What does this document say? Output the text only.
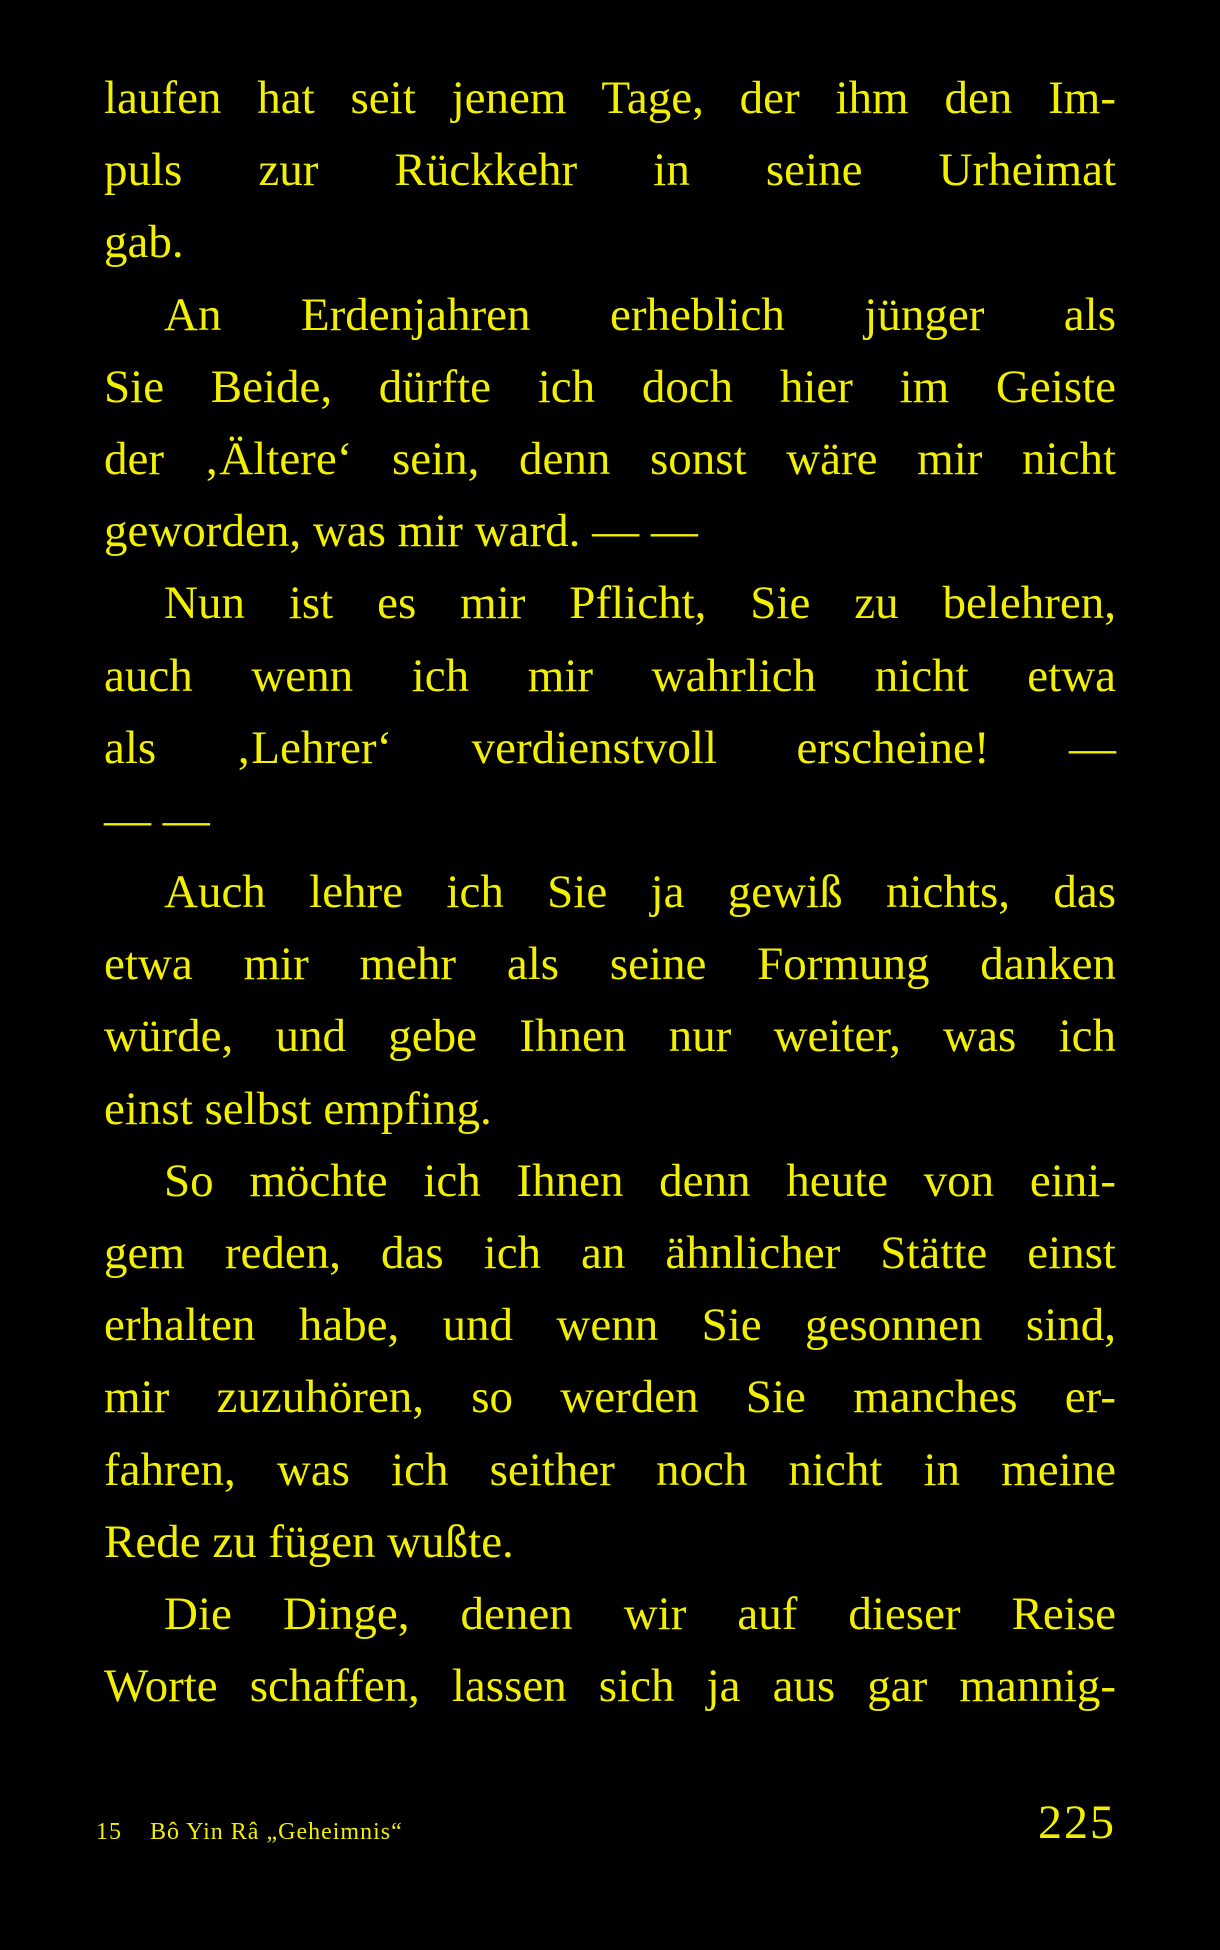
laufen hat seit jenem Tage, der ihm den Im-
puls zur Rückkehr in seine Urheimat
gab.
An Erdenjahren erheblich jünger als
Sie Beide, dürfte ich doch hier im Geiste
der ‚Ältere‘ sein, denn sonst wäre mir nicht
geworden, was mir ward. — —
Nun ist es mir Pflicht, Sie zu belehren,
auch wenn ich mir wahrlich nicht etwa
als ‚Lehrer‘ verdienstvoll erscheine! —
— —
Auch lehre ich Sie ja gewiß nichts, das
etwa mir mehr als seine Formung danken
würde, und gebe Ihnen nur weiter, was ich
einst selbst empfing.
So möchte ich Ihnen denn heute von eini-
gem reden, das ich an ähnlicher Stätte einst
erhalten habe, und wenn Sie gesonnen sind,
mir zuzuhören, so werden Sie manches er-
fahren, was ich seither noch nicht in meine
Rede zu fügen wußte.
Die Dinge, denen wir auf dieser Reise
Worte schaffen, lassen sich ja aus gar mannig-
15 Bô Yin Râ „Geheimnis“	225
